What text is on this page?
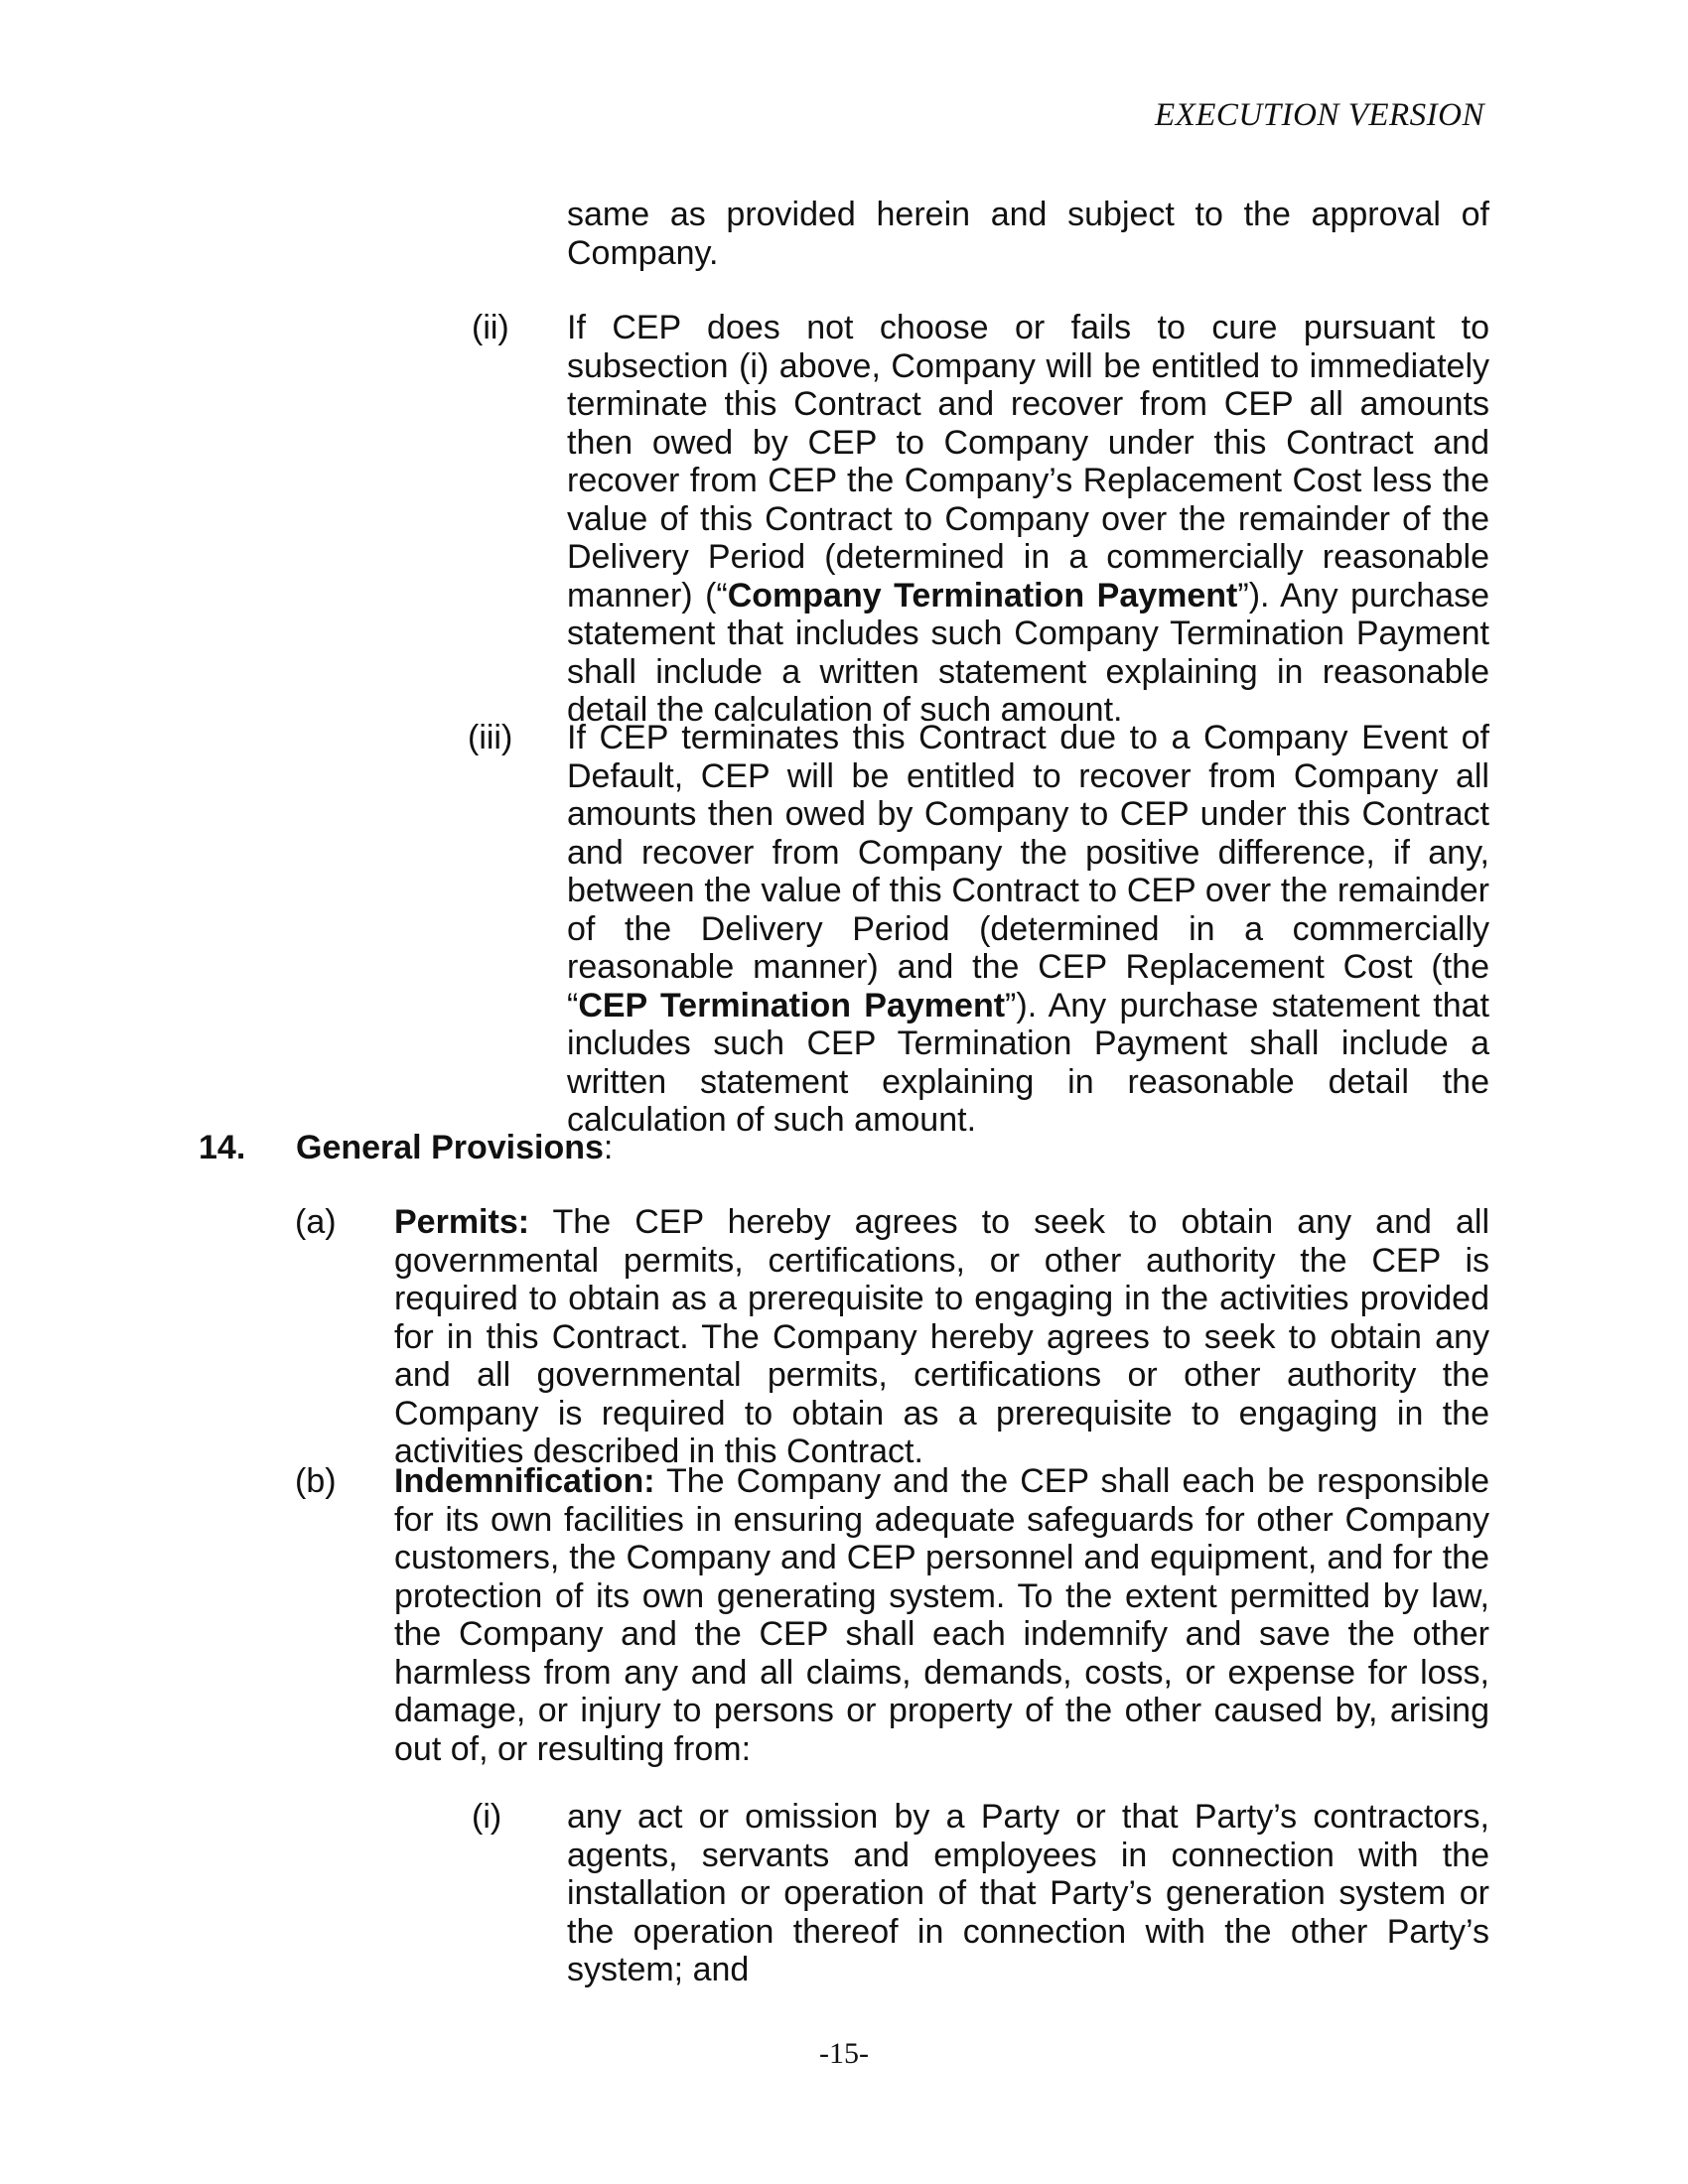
EXECUTION VERSION
same as provided herein and subject to the approval of Company.
(ii) If CEP does not choose or fails to cure pursuant to subsection (i) above, Company will be entitled to immediately terminate this Contract and recover from CEP all amounts then owed by CEP to Company under this Contract and recover from CEP the Company’s Replacement Cost less the value of this Contract to Company over the remainder of the Delivery Period (determined in a commercially reasonable manner) (“Company Termination Payment”). Any purchase statement that includes such Company Termination Payment shall include a written statement explaining in reasonable detail the calculation of such amount.
(iii) If CEP terminates this Contract due to a Company Event of Default, CEP will be entitled to recover from Company all amounts then owed by Company to CEP under this Contract and recover from Company the positive difference, if any, between the value of this Contract to CEP over the remainder of the Delivery Period (determined in a commercially reasonable manner) and the CEP Replacement Cost (the “CEP Termination Payment”). Any purchase statement that includes such CEP Termination Payment shall include a written statement explaining in reasonable detail the calculation of such amount.
14. General Provisions:
(a) Permits: The CEP hereby agrees to seek to obtain any and all governmental permits, certifications, or other authority the CEP is required to obtain as a prerequisite to engaging in the activities provided for in this Contract. The Company hereby agrees to seek to obtain any and all governmental permits, certifications or other authority the Company is required to obtain as a prerequisite to engaging in the activities described in this Contract.
(b) Indemnification: The Company and the CEP shall each be responsible for its own facilities in ensuring adequate safeguards for other Company customers, the Company and CEP personnel and equipment, and for the protection of its own generating system. To the extent permitted by law, the Company and the CEP shall each indemnify and save the other harmless from any and all claims, demands, costs, or expense for loss, damage, or injury to persons or property of the other caused by, arising out of, or resulting from:
(i) any act or omission by a Party or that Party’s contractors, agents, servants and employees in connection with the installation or operation of that Party’s generation system or the operation thereof in connection with the other Party’s system; and
-15-
